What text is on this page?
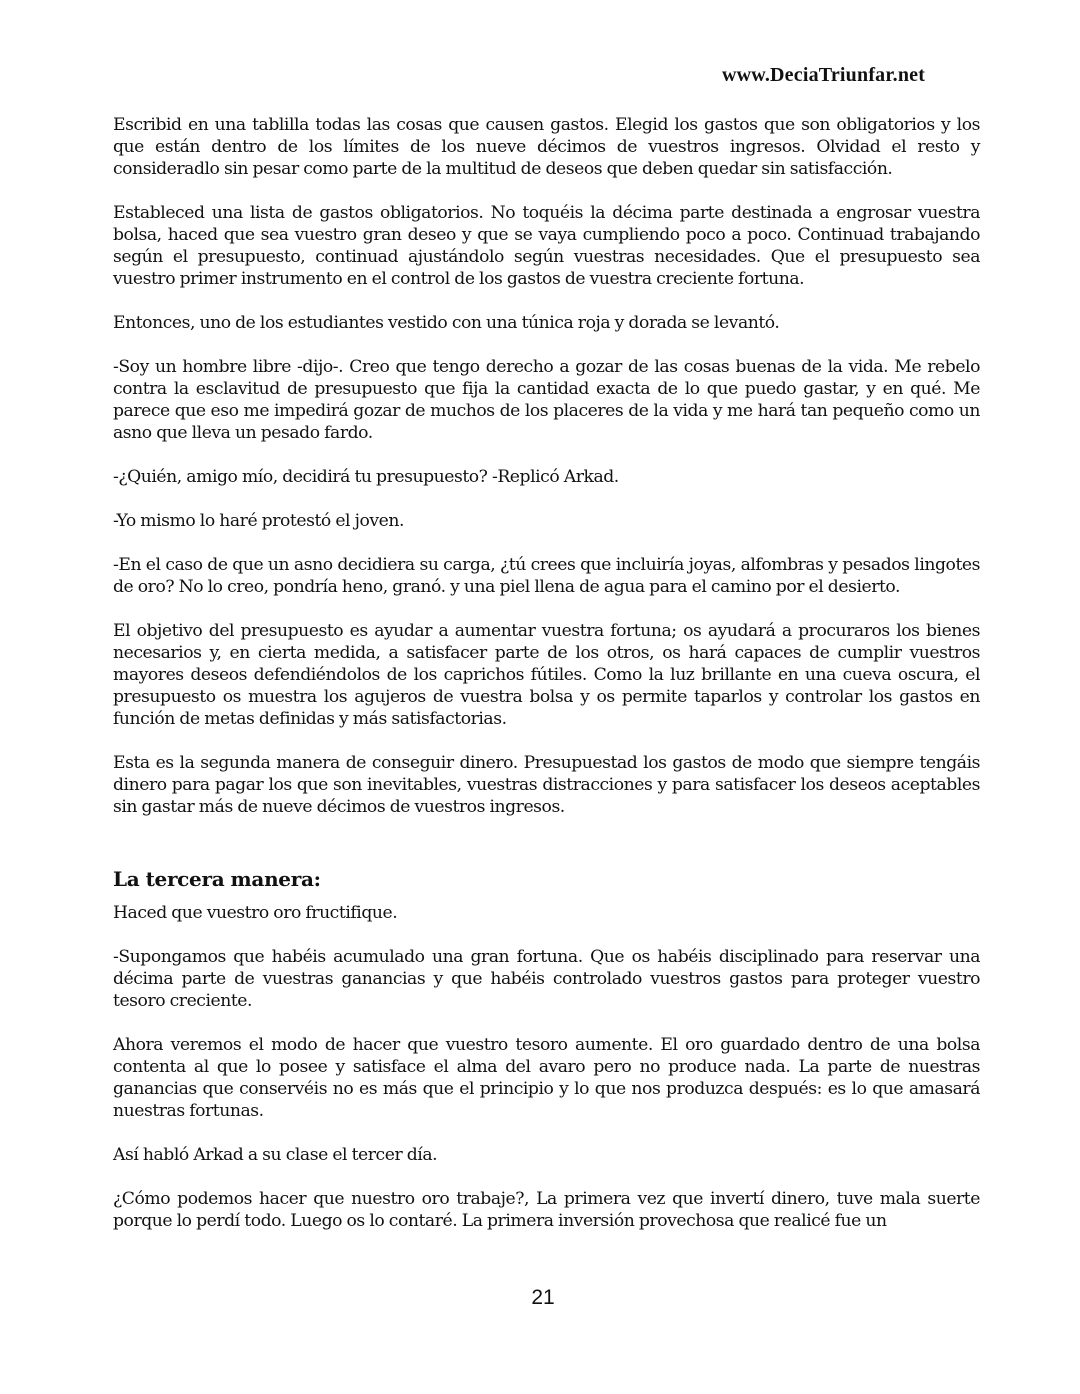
www.DeciaTriunfar.net

Escribid en una tablilla todas las cosas que causen gastos. Elegid los gastos que son obligatorios y los que están dentro de los límites de los nueve décimos de vuestros ingresos. Olvidad el resto y consideradlo sin pesar como parte de la multitud de deseos que deben quedar sin satisfacción.

Estableced una lista de gastos obligatorios. No toquéis la décima parte destinada a engrosar vuestra bolsa, haced que sea vuestro gran deseo y que se vaya cumpliendo poco a poco. Continuad trabajando según el presupuesto, continuad ajustándolo según vuestras necesidades. Que el presupuesto sea vuestro primer instrumento en el control de los gastos de vuestra creciente fortuna.

Entonces, uno de los estudiantes vestido con una túnica roja y dorada se levantó.

-Soy un hombre libre -dijo-. Creo que tengo derecho a gozar de las cosas buenas de la vida. Me rebelo contra la esclavitud de presupuesto que fija la cantidad exacta de lo que puedo gastar, y en qué. Me parece que eso me impedirá gozar de muchos de los placeres de la vida y me hará tan pequeño como un asno que lleva un pesado fardo.

-¿Quién, amigo mío, decidirá tu presupuesto? -Replicó Arkad.

-Yo mismo lo haré protestó el joven.

-En el caso de que un asno decidiera su carga, ¿tú crees que incluiría joyas, alfombras y pesados lingotes de oro? No lo creo, pondría heno, granó. y una piel llena de agua para el camino por el desierto.

El objetivo del presupuesto es ayudar a aumentar vuestra fortuna; os ayudará a procuraros los bienes necesarios y, en cierta medida, a satisfacer parte de los otros, os hará capaces de cumplir vuestros mayores deseos defendiéndolos de los caprichos fútiles. Como la luz brillante en una cueva oscura, el presupuesto os muestra los agujeros de vuestra bolsa y os permite taparlos y controlar los gastos en función de metas definidas y más satisfactorias.

Esta es la segunda manera de conseguir dinero. Presupuestad los gastos de modo que siempre tengáis dinero para pagar los que son inevitables, vuestras distracciones y para satisfacer los deseos aceptables sin gastar más de nueve décimos de vuestros ingresos.

La tercera manera:

Haced que vuestro oro fructifique.

-Supongamos que habéis acumulado una gran fortuna. Que os habéis disciplinado para reservar una décima parte de vuestras ganancias y que habéis controlado vuestros gastos para proteger vuestro tesoro creciente.

Ahora veremos el modo de hacer que vuestro tesoro aumente. El oro guardado dentro de una bolsa contenta al que lo posee y satisface el alma del avaro pero no produce nada. La parte de nuestras ganancias que conservéis no es más que el principio y lo que nos produzca después: es lo que amasará nuestras fortunas.

Así habló Arkad a su clase el tercer día.

¿Cómo podemos hacer que nuestro oro trabaje?, La primera vez que invertí dinero, tuve mala suerte porque lo perdí todo. Luego os lo contaré. La primera inversión provechosa que realicé fue un

21
